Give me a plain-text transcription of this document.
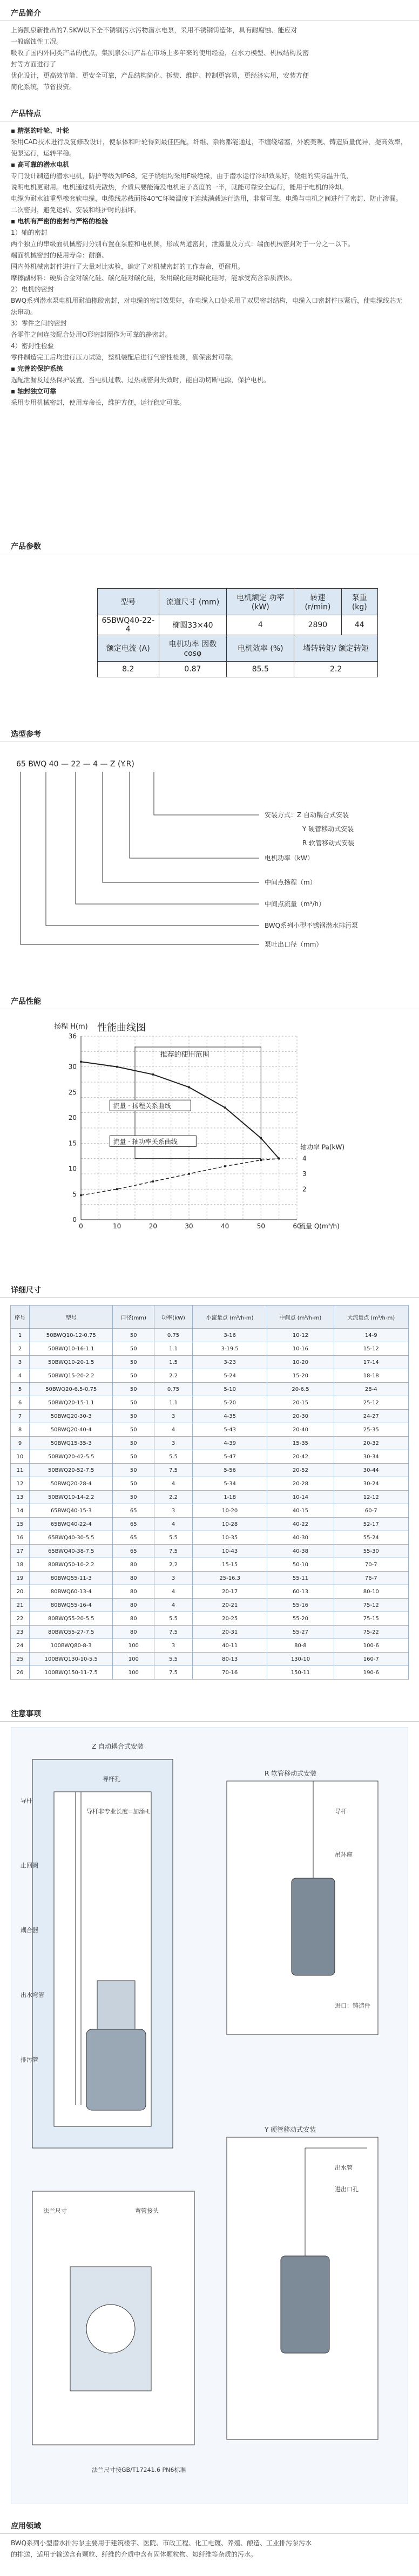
产品简介

上海凯泉新推出的7.5KW以下全不锈钢污水污物潜水电泵，采用不锈钢铸造体，具有耐腐蚀、能应对

一般腐蚀性工况。

吸收了国内外同类产品的优点，集凯泉公司产品在市场上多年来的使用经验，在水力模型、机械结构及密

封等方面进行了

优化设计，更高效节能、更安全可靠，产品结构简化、拆装、维护、控制更容易，更经济实用，安装方便

简化系统，节省投资。

产品特点

▪ 精湛的叶轮、叶轮

采用CAD技术进行反复修改设计，使泵体和叶轮得到最佳匹配，纤维、杂物都能通过，不缠绕堵塞，外貌美观、铸造质量优异，提高效率，使泵运行，运转平稳。

▪ 高可靠的潜水电机

专门设计制造的潜水电机，防护等级为IP68，定子绕组均采用F级绝缘，由于潜水运行冷却效果好，绕组的实际温升低，

说明电机更耐用。电机通过机壳散热，介质只要能淹没电机定子高度的一半，就能可靠安全运行，能用于电机的冷却。

电缆为耐水油重型橡套软电缆，电缆线芯截面按40℃环境温度下连续满载运行选用，非常可靠。电缆与电机之间进行了密封、防止渗漏。

二次密封，避免运转、安装和维护时的损坏。

▪ 电机有严密的密封与严格的检验

1）轴的密封

两个独立的串级面机械密封分别布置在泵腔和电机侧，形成两道密封，泄露量及方式：端面机械密封对于一分之一以下。

端面机械密封的使用寿命：耐磨、

国内外机械密封件进行了大量对比实验，确定了对机械密封的工作寿命，更耐用。

摩擦副材料：硬质合金对碳化硅、碳化硅对碳化硅，采用碳化硅对碳化硅时，能承受高含杂质液体。

2）电机的密封

BWQ系列潜水泵电机用耐油橡胶密封，对电缆的密封效果好，在电缆入口处采用了双层密封结构，电缆入口密封件压紧后，使电缆线芯无法窜动。

3）零件之间的密封

各零件之间连接配合处用O形密封圈作为可靠的静密封。

4）密封性检验

零件制造完工后均进行压力试验，整机装配后进行气密性检测，确保密封可靠。

▪ 完善的保护系统

选配泄漏及过热保护装置，当电机过载、过热或密封失效时，能自动切断电源，保护电机。

▪ 轴封独立可靠

采用专用机械密封，使用寿命长，维护方便，运行稳定可靠。

产品参数
型号	流道尺寸 (mm)	电机额定 功率(kW)	转速 (r/min)	泵重 (kg)
65BWQ40-22-4	椭圆33×40	4	2890	44
额定电流 (A)	电机功率 因数cosφ	电机效率 (%)	堵转转矩/ 额定转矩	
8.2	0.87	85.5	2.2	
选型参考
65 BWQ 40 — 22 — 4 — Z (Y.R)
安装方式：Z 自动耦合式安装
Y 硬管移动式安装
R 软管移动式安装
电机功率（kW）
中间点扬程（m）
中间点流量（m³/h）
BWQ系列小型不锈钢潜水排污泵
泵吐出口径（mm）
产品性能
36
30
25
20
15
10
5
0
0	10	20	30	40	50	60
扬程 H(m)
流量 Q(m³/h)
性能曲线图
推荐的使用范围
流量 · 扬程关系曲线
流量 · 轴功率关系曲线
轴功率 Pa(kW)
4
3
2
详细尺寸
序号	型号	口径(mm)	功率(kW)	小流量点 (m³/h-m)	中间点 (m³/h-m)	大流量点 (m³/h-m)
1	50BWQ10-12-0.75	50	0.75	3-16	10-12	14-9
2	50BWQ10-16-1.1	50	1.1	3-19.5	10-16	15-12
3	50BWQ10-20-1.5	50	1.5	3-23	10-20	17-14
4	50BWQ15-20-2.2	50	2.2	5-24	15-20	18-18
5	50BWQ20-6.5-0.75	50	0.75	5-10	20-6.5	28-4
6	50BWQ20-15-1.1	50	1.1	5-20	20-15	25-12
7	50BWQ20-30-3	50	3	4-35	20-30	24-27
8	50BWQ20-40-4	50	4	5-43	20-40	25-35
9	50BWQ15-35-3	50	3	4-39	15-35	20-32
10	50BWQ20-42-5.5	50	5.5	5-47	20-42	30-34
11	50BWQ20-52-7.5	50	7.5	5-56	20-52	30-44
12	50BWQ20-28-4	50	4	5-34	20-28	30-24
13	50BWQ10-14-2.2	50	2.2	1-18	10-14	12-12
14	65BWQ40-15-3	65	3	10-20	40-15	60-7
15	65BWQ40-22-4	65	4	10-28	40-22	52-17
16	65BWQ40-30-5.5	65	5.5	10-35	40-30	55-24
17	65BWQ40-38-7.5	65	7.5	10-43	40-38	55-30
18	80BWQ50-10-2.2	80	2.2	15-15	50-10	70-7
19	80BWQ55-11-3	80	3	25-16.3	55-11	76-7
20	80BWQ60-13-4	80	4	20-17	60-13	80-10
21	80BWQ55-16-4	80	4	20-21	55-16	75-12
22	80BWQ55-20-5.5	80	5.5	20-25	55-20	75-15
23	80BWQ55-27-7.5	80	7.5	20-31	55-27	75-22
24	100BWQ80-8-3	100	3	40-11	80-8	100-6
25	100BWQ130-10-5.5	100	5.5	80-13	130-10	160-7
26	100BWQ150-11-7.5	100	7.5	70-16	150-11	190-6
注意事项
导杆
止回阀
耦合器
出水弯管
Z 自动耦合式安装
导杆孔
导杆非专业长度=加添-L
R 软管移动式安装
导杆
Y 硬管移动式安装
出水管
进出口孔
排污管
吊环座
进口：铸造件
法兰尺寸按GB/T17241.6 PN6标准
法兰尺寸	弯管接头
应用领域

BWQ系列小型潜水排污泵主要用于建筑楼宇、医院、市政工程、化工电镀、养殖、酿造、工业排污泵污水

的排送，适用于输送含有颗粒、纤维的介质中含有固体颗粒物、短纤维等杂质的污水。
